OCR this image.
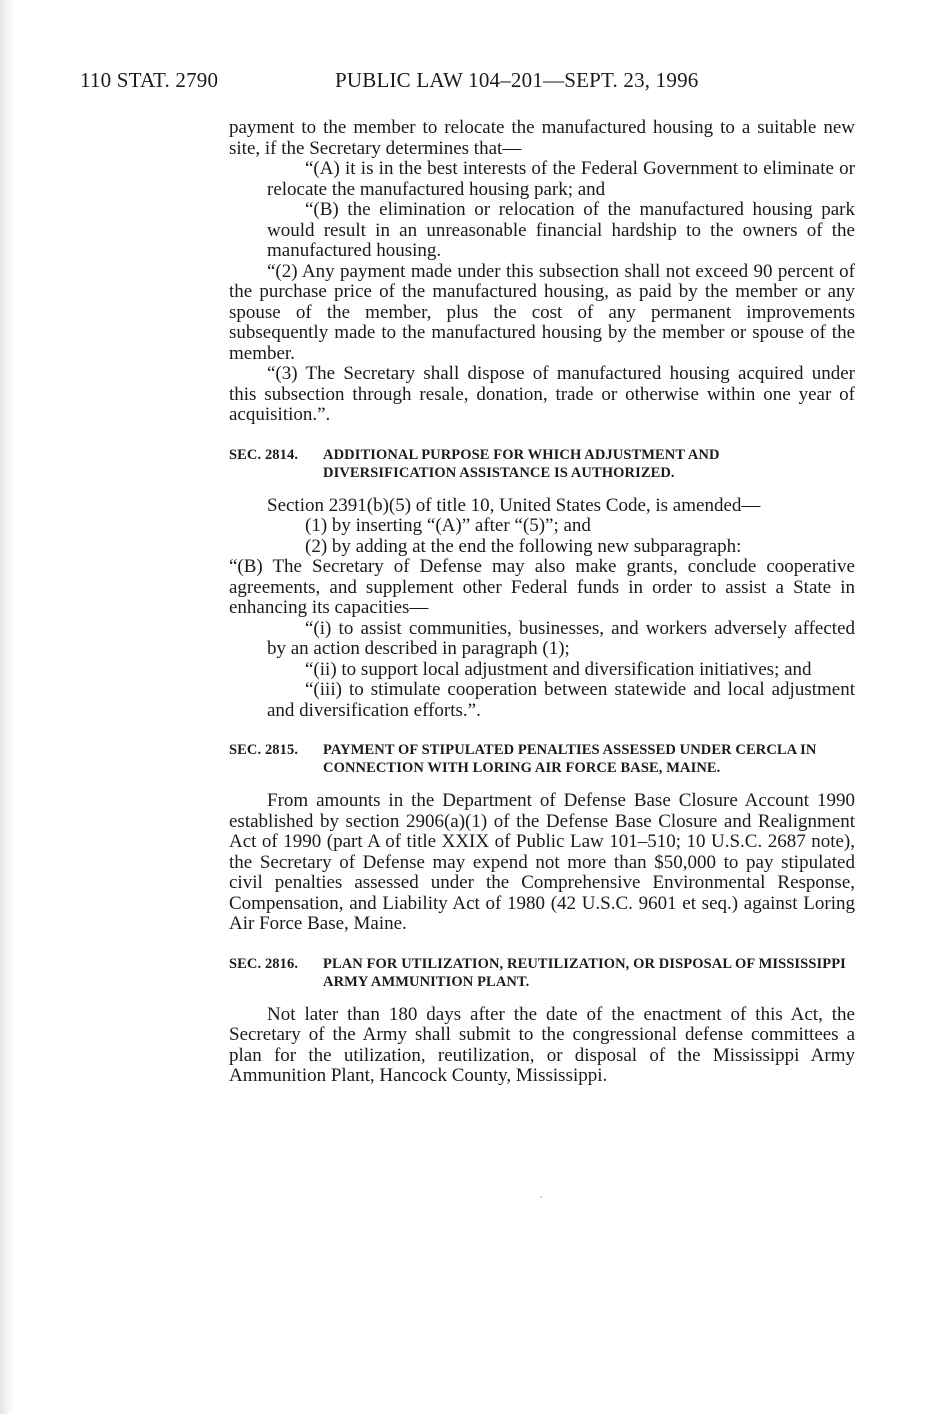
110 STAT. 2790	PUBLIC LAW 104–201—SEPT. 23, 1996

payment to the member to relocate the manufactured housing to a suitable new site, if the Secretary determines that—

“(A) it is in the best interests of the Federal Government to eliminate or relocate the manufactured housing park; and

“(B) the elimination or relocation of the manufactured housing park would result in an unreasonable financial hardship to the owners of the manufactured housing.

“(2) Any payment made under this subsection shall not exceed 90 percent of the purchase price of the manufactured housing, as paid by the member or any spouse of the member, plus the cost of any permanent improvements subsequently made to the manufactured housing by the member or spouse of the member.

“(3) The Secretary shall dispose of manufactured housing acquired under this subsection through resale, donation, trade or otherwise within one year of acquisition.”.

SEC. 2814. ADDITIONAL PURPOSE FOR WHICH ADJUSTMENT AND DIVERSIFICATION ASSISTANCE IS AUTHORIZED.

Section 2391(b)(5) of title 10, United States Code, is amended—

(1) by inserting “(A)” after “(5)”; and

(2) by adding at the end the following new subparagraph:

“(B) The Secretary of Defense may also make grants, conclude cooperative agreements, and supplement other Federal funds in order to assist a State in enhancing its capacities—

“(i) to assist communities, businesses, and workers adversely affected by an action described in paragraph (1);

“(ii) to support local adjustment and diversification initiatives; and

“(iii) to stimulate cooperation between statewide and local adjustment and diversification efforts.”.

SEC. 2815. PAYMENT OF STIPULATED PENALTIES ASSESSED UNDER CERCLA IN CONNECTION WITH LORING AIR FORCE BASE, MAINE.

From amounts in the Department of Defense Base Closure Account 1990 established by section 2906(a)(1) of the Defense Base Closure and Realignment Act of 1990 (part A of title XXIX of Public Law 101–510; 10 U.S.C. 2687 note), the Secretary of Defense may expend not more than $50,000 to pay stipulated civil penalties assessed under the Comprehensive Environmental Response, Compensation, and Liability Act of 1980 (42 U.S.C. 9601 et seq.) against Loring Air Force Base, Maine.

SEC. 2816. PLAN FOR UTILIZATION, REUTILIZATION, OR DISPOSAL OF MISSISSIPPI ARMY AMMUNITION PLANT.

Not later than 180 days after the date of the enactment of this Act, the Secretary of the Army shall submit to the congressional defense committees a plan for the utilization, reutilization, or disposal of the Mississippi Army Ammunition Plant, Hancock County, Mississippi.
